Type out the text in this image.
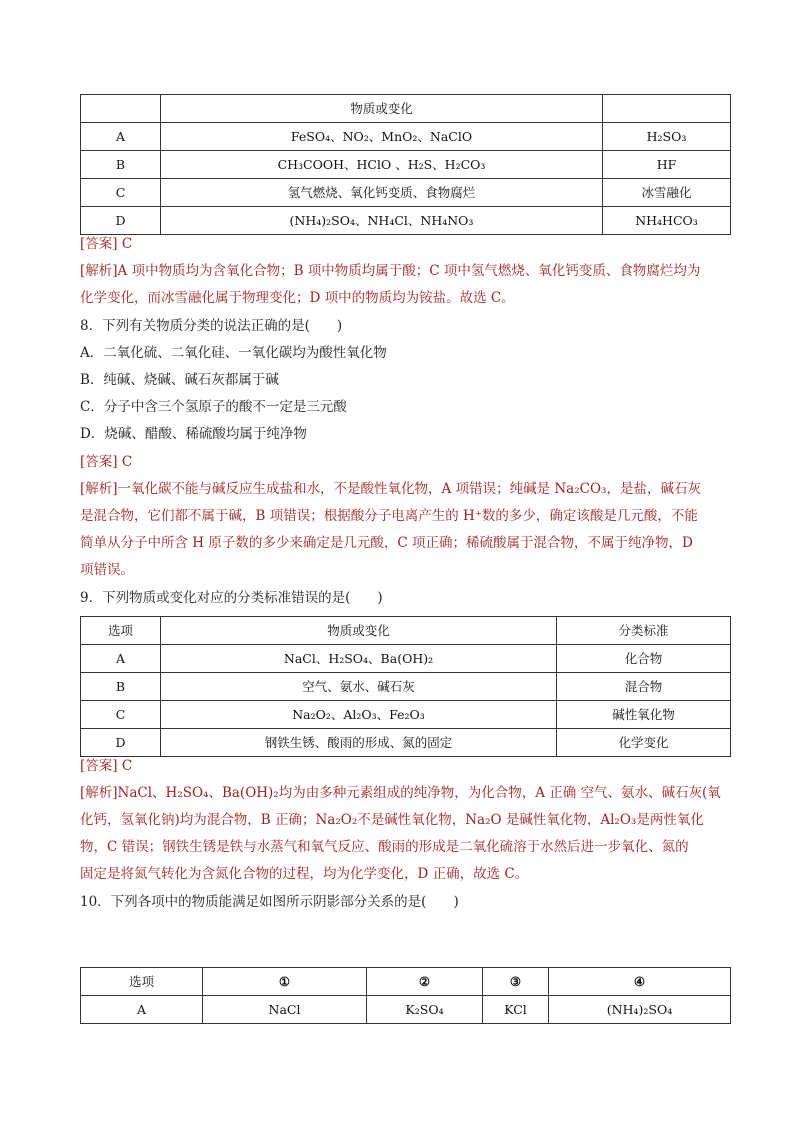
	物质或变化	
A	FeSO₄、NO₂、MnO₂、NaClO	H₂SO₃
B	CH₃COOH、HClO 、H₂S、H₂CO₃	HF
C	氢气燃烧、氧化钙变质、食物腐烂	冰雪融化
D	(NH₄)₂SO₄、NH₄Cl、NH₄NO₃	NH₄HCO₃
[答案] C
[解析]A 项中物质均为含氧化合物；B 项中物质均属于酸；C 项中氢气燃烧、氧化钙变质、食物腐烂均为
化学变化，而冰雪融化属于物理变化；D 项中的物质均为铵盐。故选 C。
8．下列有关物质分类的说法正确的是(　　)
A．二氧化硫、二氧化硅、一氧化碳均为酸性氧化物
B．纯碱、烧碱、碱石灰都属于碱
C．分子中含三个氢原子的酸不一定是三元酸
D．烧碱、醋酸、稀硫酸均属于纯净物
[答案] C
[解析]一氧化碳不能与碱反应生成盐和水，不是酸性氧化物，A 项错误；纯碱是 Na₂CO₃，是盐，碱石灰
是混合物，它们都不属于碱，B 项错误；根据酸分子电离产生的 H⁺数的多少，确定该酸是几元酸，不能
简单从分子中所含 H 原子数的多少来确定是几元酸，C 项正确；稀硫酸属于混合物，不属于纯净物，D
项错误。
9．下列物质或变化对应的分类标准错误的是(　　)
选项	物质或变化	分类标准
A	NaCl、H₂SO₄、Ba(OH)₂	化合物
B	空气、氨水、碱石灰	混合物
C	Na₂O₂、Al₂O₃、Fe₂O₃	碱性氧化物
D	钢铁生锈、酸雨的形成、氮的固定	化学变化
[答案] C
[解析]NaCl、H₂SO₄、Ba(OH)₂均为由多种元素组成的纯净物，为化合物，A 正确 空气、氨水、碱石灰(氧
化钙，氢氧化钠)均为混合物，B 正确；Na₂O₂不是碱性氧化物，Na₂O 是碱性氧化物，Al₂O₃是两性氧化
物，C 错误；钢铁生锈是铁与水蒸气和氧气反应、酸雨的形成是二氧化硫溶于水然后进一步氧化、氮的
固定是将氮气转化为含氮化合物的过程，均为化学变化，D 正确，故选 C。
10．下列各项中的物质能满足如图所示阴影部分关系的是(　　)
选项	①	②	③	④
A	NaCl	K₂SO₄	KCl	(NH₄)₂SO₄
